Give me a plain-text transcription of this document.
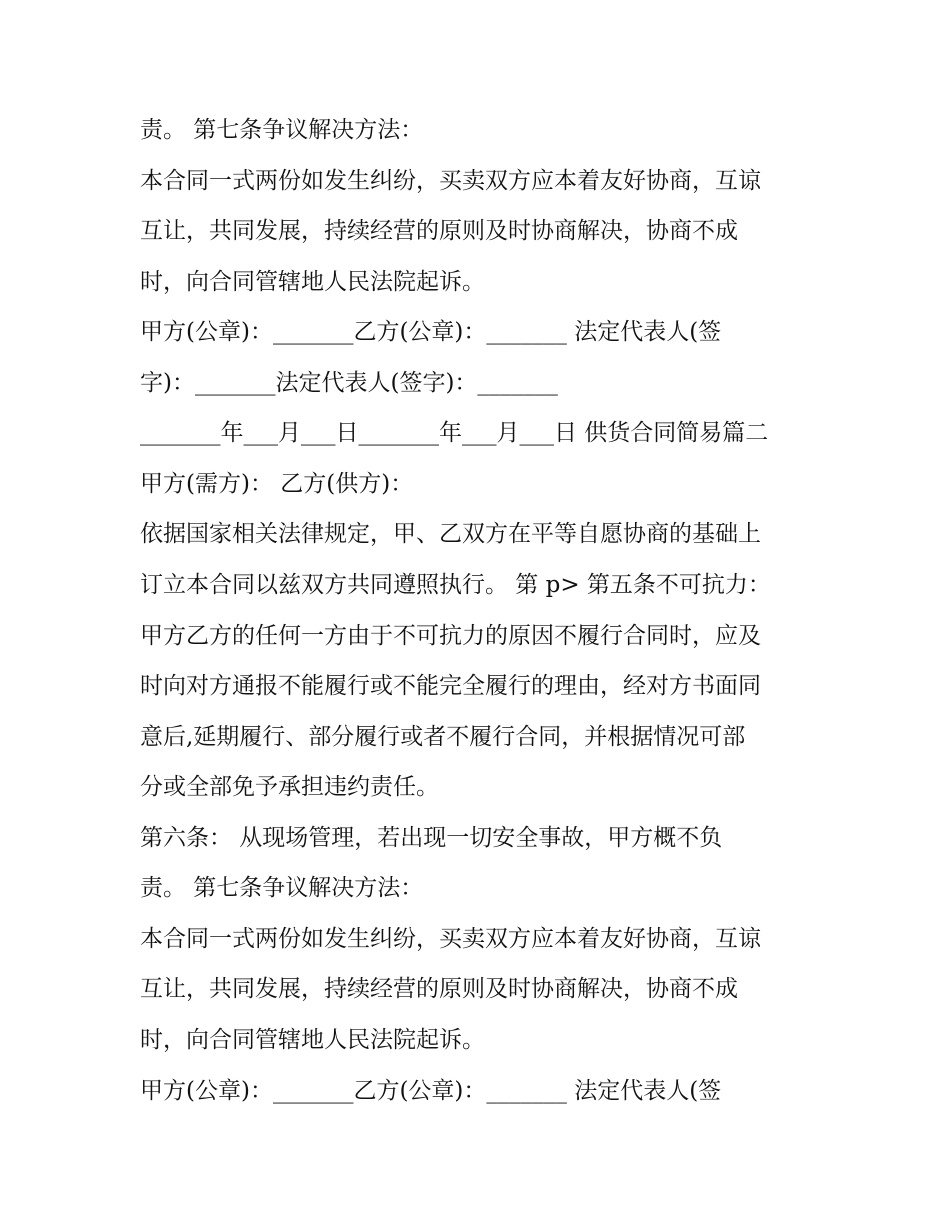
责。 第七条争议解决方法：
本合同一式两份如发生纠纷，买卖双方应本着友好协商，互谅
互让，共同发展，持续经营的原则及时协商解决，协商不成
时，向合同管辖地人民法院起诉。
甲方(公章)：_______乙方(公章)：_______ 法定代表人(签
字)：_______法定代表人(签字)：_______
_______年___月___日_______年___月___日 供货合同简易篇二
甲方(需方)： 乙方(供方)：
依据国家相关法律规定，甲、乙双方在平等自愿协商的基础上
订立本合同以兹双方共同遵照执行。 第 p> 第五条不可抗力：
甲方乙方的任何一方由于不可抗力的原因不履行合同时，应及
时向对方通报不能履行或不能完全履行的理由，经对方书面同
意后,延期履行、部分履行或者不履行合同，并根据情况可部
分或全部免予承担违约责任。
第六条： 从现场管理，若出现一切安全事故，甲方概不负
责。 第七条争议解决方法：
本合同一式两份如发生纠纷，买卖双方应本着友好协商，互谅
互让，共同发展，持续经营的原则及时协商解决，协商不成
时，向合同管辖地人民法院起诉。
甲方(公章)：_______乙方(公章)：_______ 法定代表人(签
